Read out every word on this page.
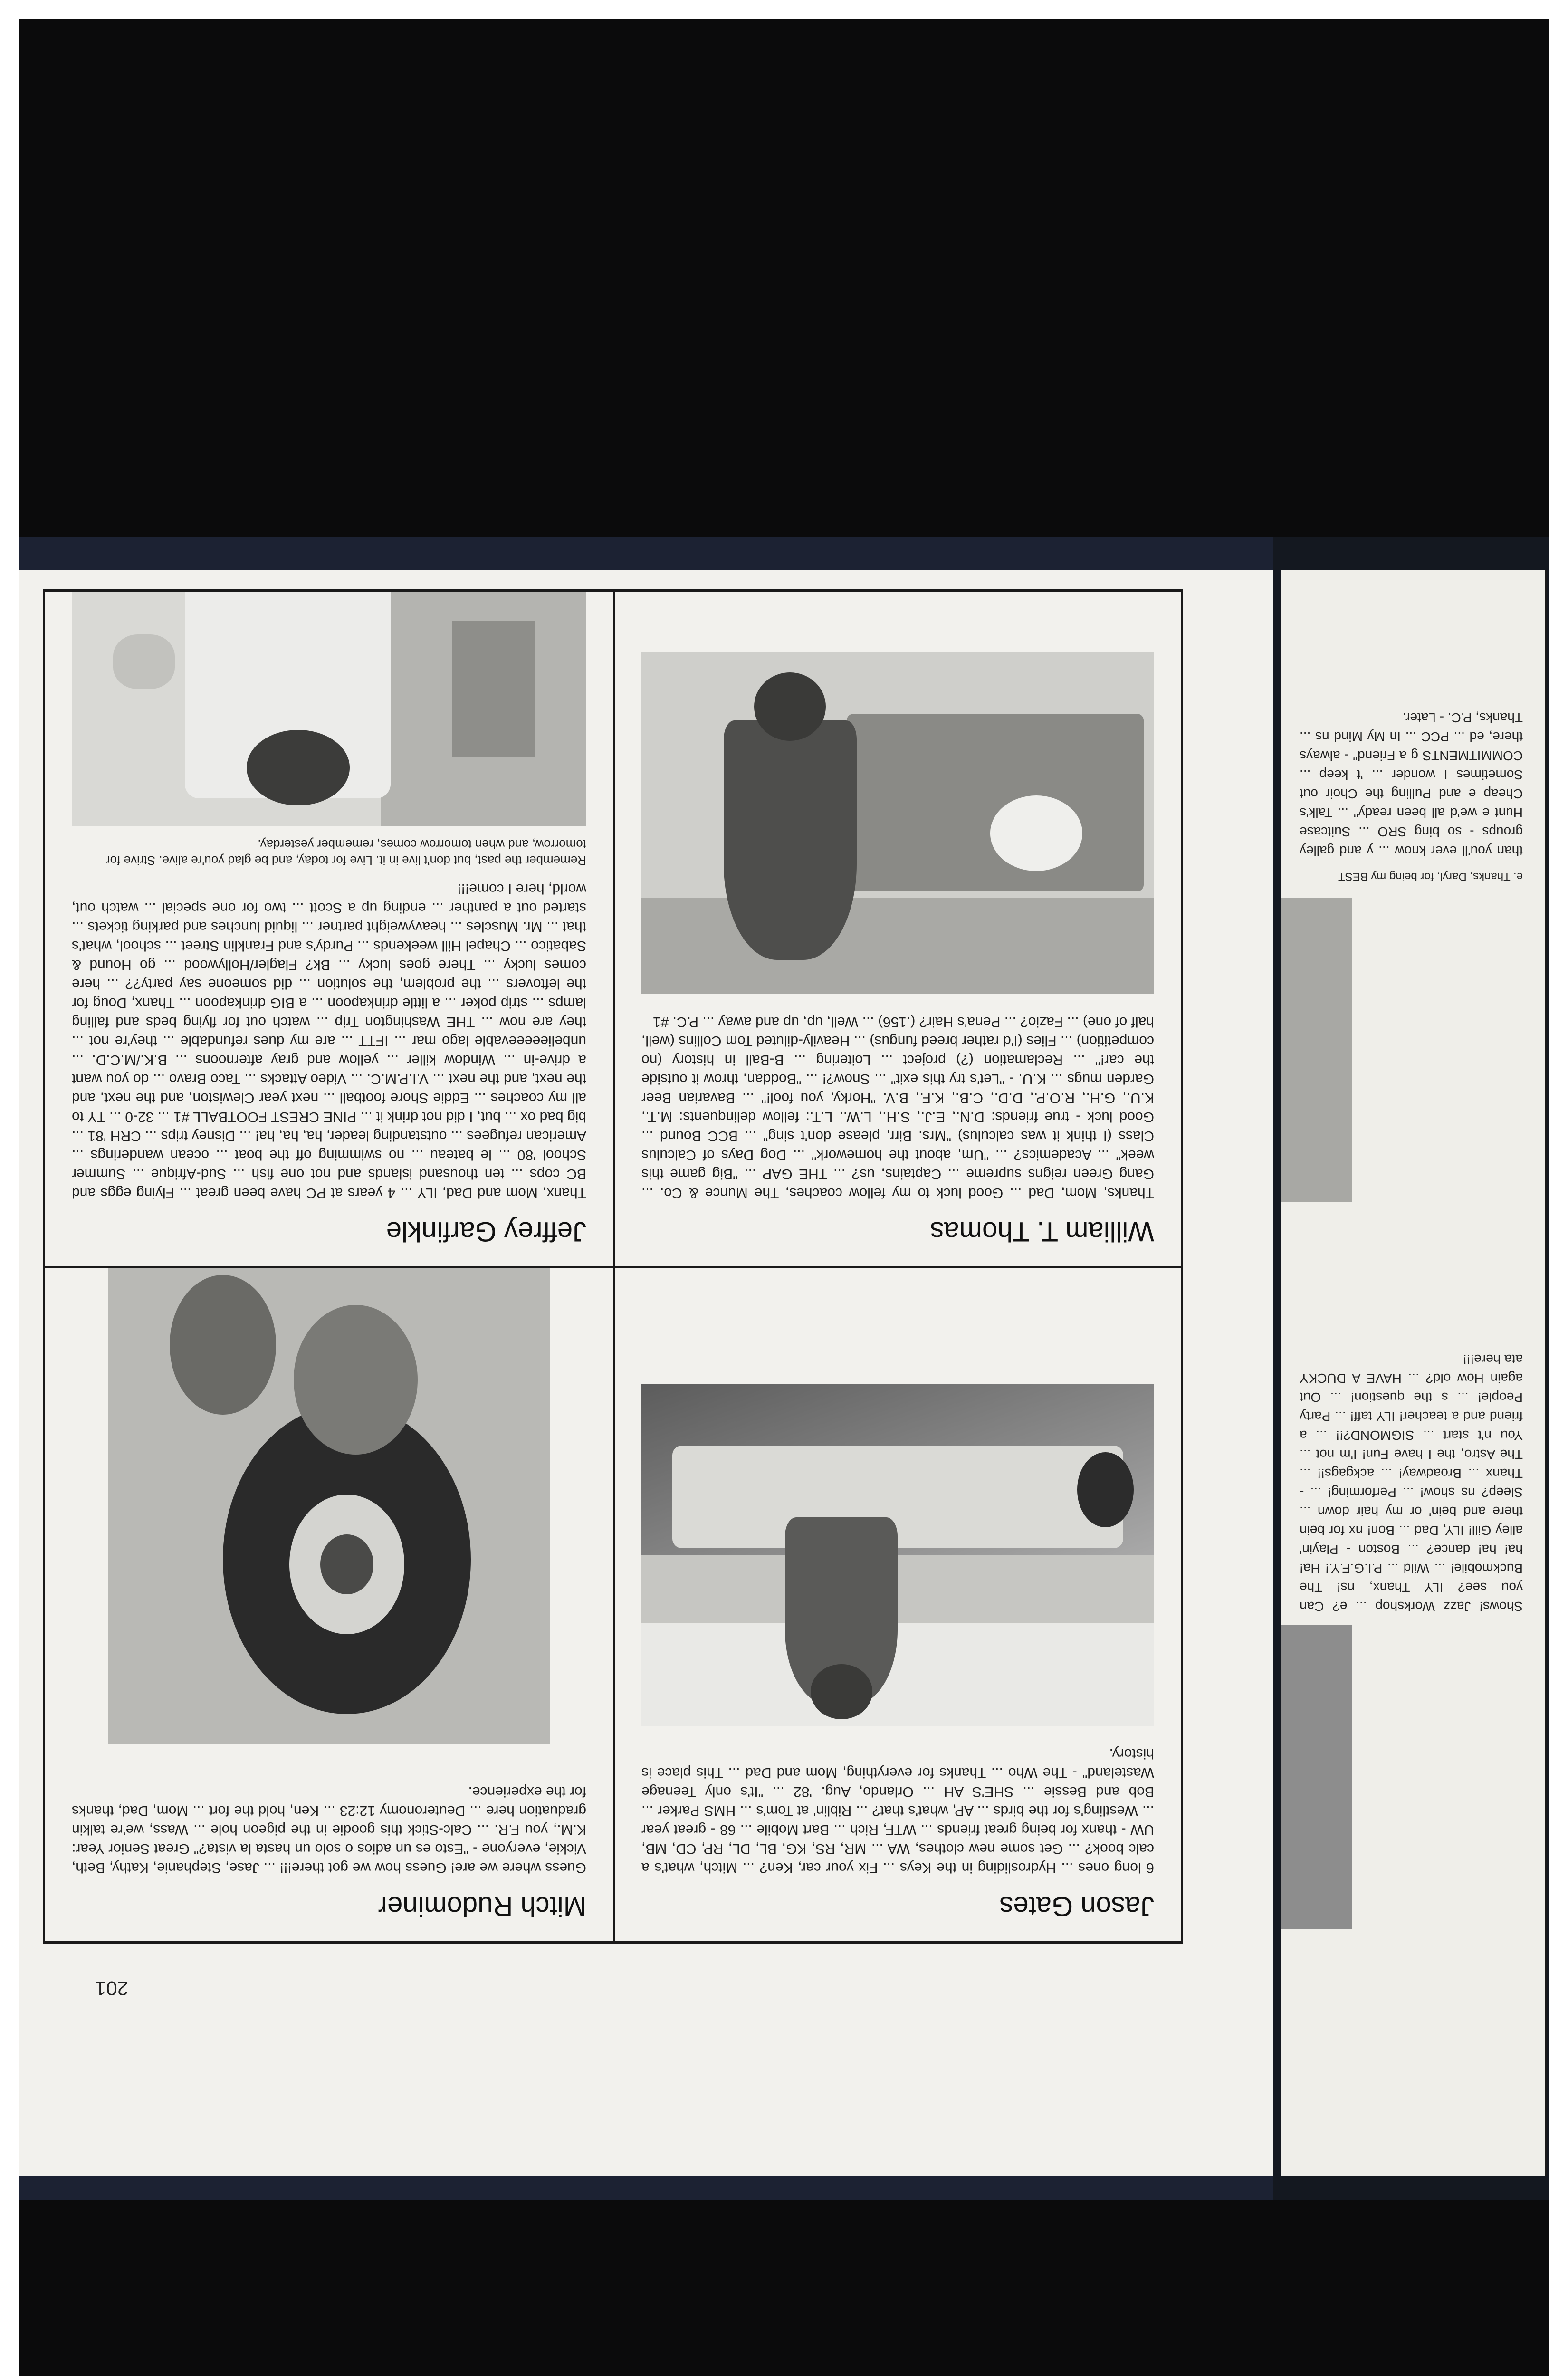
201

Jason Gates

6 long ones ... Hydrosliding in the Keys ... Fix your car, Ken? ... Mitch, what's a calc book? ... Get some new clothes, WA ... MR, RS, KG, BL, DL, RP, CD, MB, UW - thanx for being great friends ... WTF, Rich ... Bart Mobile ... 68 - great year ... Westling's for the birds ... AP, what's that? ... Riblin' at Tom's ... HMS Parker ... Bob and Bessie ... SHE'S AH ... Orlando, Aug. '82 ... "It's only Teenage Wasteland" - The Who ... Thanks for everything, Mom and Dad ... This place is history.

Mitch Rudominer

Guess where we are! Guess how we got there!!! ... Jase, Stephanie, Kathy, Beth, Vickie, everyone - "Esto es un adios o solo un hasta la vista?" Great Senior Year: K.M., you F.R. ... Calc-Stick this goodie in the pigeon hole ... Wass, we're talkin graduation here ... Deuteronomy 12:23 ... Ken, hold the fort ... Mom, Dad, thanks for the experience.

William T. Thomas

Thanks, Mom, Dad ... Good luck to my fellow coaches, The Munce & Co. ... Gang Green reigns supreme ... Captains, us? ... THE GAP ... "Big game this week" ... Academics? ... "Um, about the homework" ... Dog Days of Calculus Class (I think it was calculus) "Mrs. Birr, please don't sing" ... BCC Bound ... Good luck - true friends: D.N., E.J., S.H., L.W., L.T.: fellow delinquents: M.T., K.U., G.H., R.O.P., D.D., C.B., K.F., B.V. "Horky, you fool!" ... Bavarian Beer Garden mugs ... K.U. - "Let's try this exit" ... Snow?! ... "Boddan, throw it outside the car!" ... Reclamation (?) project ... Loitering ... B-Ball in history (no competition) ... Flies (I'd rather breed fungus) ... Heavily-diluted Tom Collins (well, half of one) ... Fazio? ... Pena's Hair? (.156) ... Well, up, up and away ... P.C. #1

Jeffrey Garfinkle

Thanx, Mom and Dad, ILY ... 4 years at PC have been great ... Flying eggs and BC cops ... ten thousand islands and not one fish ... Sud-Afrique ... Summer School '80 ... le bateau ... no swimming off the boat ... ocean wanderings ... American refugees ... outstanding leader, ha, ha, ha! ... Disney trips ... CRH '81 ... big bad ox ... but, I did not drink it ... PINE CREST FOOTBALL #1 ... 32-0 ... TY to all my coaches ... Eddie Shore football ... next year Clewiston, and the next, and the next, and the next ... V.I.P.M.C. ... Video Attacks ... Taco Bravo ... do you want a drive-in ... Window killer ... yellow and gray afternoons ... B.K./M.C.D. ... unbelieeeeevable lago mar ... IFTT ... are my dues refundable ... they're not ... they are now ... THE Washington Trip ... watch out for flying beds and falling lamps ... strip poker ... a little drinkapoon ... a BIG drinkapoon ... Thanx, Doug for the leftovers ... the problem, the solution ... did someone say party?? ... here comes lucky ... There goes lucky ... Bk? Flagler/Hollywood ... go Hound & Sabatico ... Chapel Hill weekends ... Purdy's and Franklin Street ... school, what's that ... Mr. Muscles ... heavyweight partner ... liquid lunches and parking tickets ... started out a panther ... ending up a Scott ... two for one special ... watch out, world, here I come!!!

Remember the past, but don't live in it. Live for today, and be glad you're alive. Strive for tomorrow, and when tomorrow comes, remember yesterday.

Shows! Jazz Workshop ... e? Can you see? ILY Thanx, ns! The Buckmobile! ... Wild ... P.I.G.F.Y.! Ha! ha! ha! dance? ... Boston - Playin' alley Gill! ILY, Dad ... Bon! nx for bein there and bein' or my hair down ... Sleep? ns show! ... Performing! ... - Thanx ... Broadway! ... ackgags!! ... The Astro, the I have Fun! I'm not ... You n't start ... SIGMOND?!! ... a friend and a teacher! ILY taff! ... Party People! ... s the question! ... Out again How old? ... HAVE A DUCKY ata here!!!

e. Thanks, Daryl, for being my BEST

than you'll ever know ... y and galley groups - so bing SRO ... Suitcase Hunt e we'd all been ready" ... Talk's Cheap e and Pulling the Choir out Sometimes I wonder ... 't keep ... COMMITMENTS g a Friend" - always there, ed ... PCC ... In My Mind ns ... Thanks, P.C. - Later.
